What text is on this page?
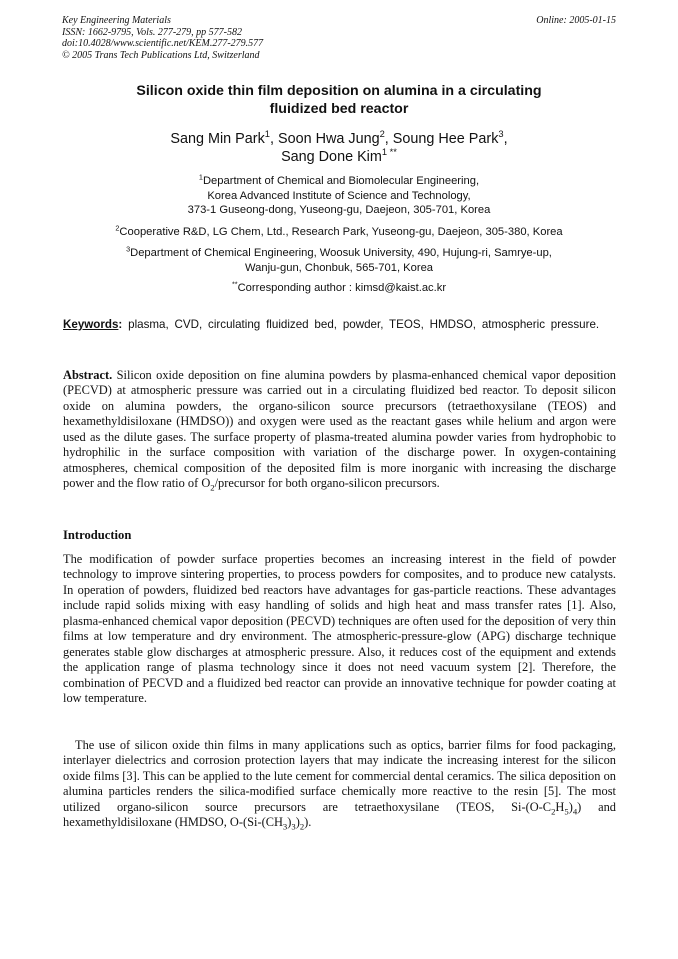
Key Engineering Materials
ISSN: 1662-9795, Vols. 277-279, pp 577-582
doi:10.4028/www.scientific.net/KEM.277-279.577
© 2005 Trans Tech Publications Ltd, Switzerland
Online: 2005-01-15
Silicon oxide thin film deposition on alumina in a circulating
fluidized bed reactor
Sang Min Park$^1$, Soon Hwa Jung$^2$, Soung Hee Park$^3$,
Sang Done Kim$^{1 **}$
$^1$Department of Chemical and Biomolecular Engineering,
Korea Advanced Institute of Science and Technology,
373-1 Guseong-dong, Yuseong-gu, Daejeon, 305-701, Korea
$^2$Cooperative R&D, LG Chem, Ltd., Research Park, Yuseong-gu, Daejeon, 305-380, Korea
$^3$Department of Chemical Engineering, Woosuk University, 490, Hujung-ri, Samrye-up,
Wanju-gun, Chonbuk, 565-701, Korea
**Corresponding author : kimsd@kaist.ac.kr
Keywords: plasma, CVD, circulating fluidized bed, powder, TEOS, HMDSO, atmospheric pressure.
Abstract. Silicon oxide deposition on fine alumina powders by plasma-enhanced chemical vapor deposition (PECVD) at atmospheric pressure was carried out in a circulating fluidized bed reactor. To deposit silicon oxide on alumina powders, the organo-silicon source precursors (tetraethoxysilane (TEOS) and hexamethyldisiloxane (HMDSO)) and oxygen were used as the reactant gases while helium and argon were used as the dilute gases. The surface property of plasma-treated alumina powder varies from hydrophobic to hydrophilic in the surface composition with variation of the discharge power. In oxygen-containing atmospheres, chemical composition of the deposited film is more inorganic with increasing the discharge power and the flow ratio of $O_2$/precursor for both organo-silicon precursors.
Introduction
The modification of powder surface properties becomes an increasing interest in the field of powder technology to improve sintering properties, to process powders for composites, and to produce new catalysts. In operation of powders, fluidized bed reactors have advantages for gas-particle reactions. These advantages include rapid solids mixing with easy handling of solids and high heat and mass transfer rates [1]. Also, plasma-enhanced chemical vapor deposition (PECVD) techniques are often used for the deposition of very thin films at low temperature and dry environment. The atmospheric-pressure-glow (APG) discharge technique generates stable glow discharges at atmospheric pressure. Also, it reduces cost of the equipment and extends the application range of plasma technology since it does not need vacuum system [2]. Therefore, the combination of PECVD and a fluidized bed reactor can provide an innovative technique for powder coating at low temperature.
The use of silicon oxide thin films in many applications such as optics, barrier films for food packaging, interlayer dielectrics and corrosion protection layers that may indicate the increasing interest for the silicon oxide films [3]. This can be applied to the lute cement for commercial dental ceramics. The silica deposition on alumina particles renders the silica-modified surface chemically more reactive to the resin [5]. The most utilized organo-silicon source precursors are tetraethoxysilane (TEOS, $Si-(O-C_2H_5)_4$) and hexamethyldisiloxane (HMDSO, $O-(Si-(CH_3)_3)_2$).
